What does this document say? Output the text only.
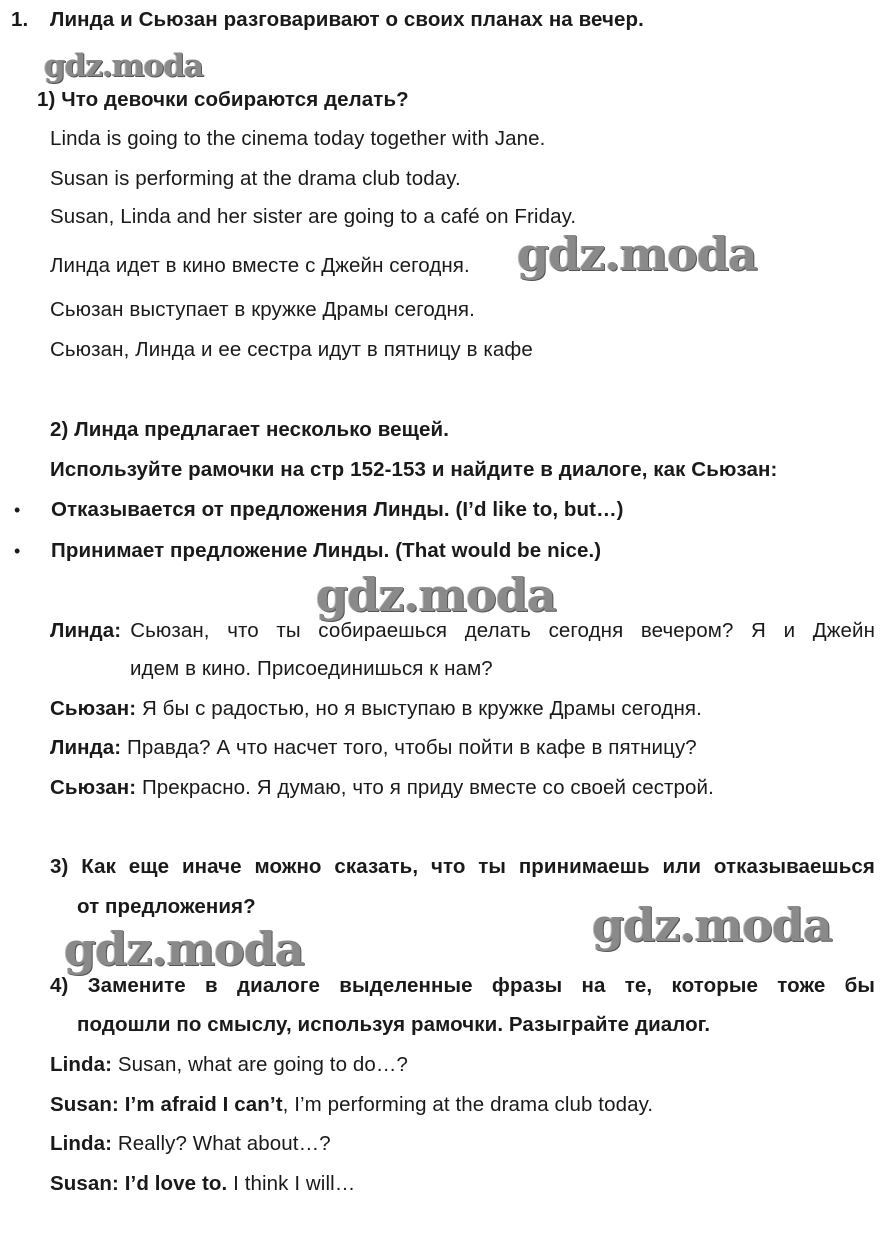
1. Линда и Сьюзан разговаривают о своих планах на вечер.
gdz.moda
1) Что девочки собираются делать?
Linda is going to the cinema today together with Jane.
Susan is performing at the drama club today.
Susan, Linda and her sister are going to a café on Friday.
Линда идет в кино вместе с Джейн сегодня. gdz.moda
Сьюзан выступает в кружке Драмы сегодня.
Сьюзан, Линда и ее сестра идут в пятницу в кафе
2) Линда предлагает несколько вещей.
Используйте рамочки на стр 152-153 и найдите в диалоге, как Сьюзан:
• Отказывается от предложения Линды. (I’d like to, but…)
• Принимает предложение Линды. (That would be nice.)
gdz.moda
Линда: Сьюзан, что ты собираешься делать сегодня вечером? Я и Джейн
идем в кино. Присоединишься к нам?
Сьюзан: Я бы с радостью, но я выступаю в кружке Драмы сегодня.
Линда: Правда? А что насчет того, чтобы пойти в кафе в пятницу?
Сьюзан: Прекрасно. Я думаю, что я приду вместе со своей сестрой.
3) Как еще иначе можно сказать, что ты принимаешь или отказываешься
от предложения?	gdz.moda
gdz.moda
4) Замените в диалоге выделенные фразы на те, которые тоже бы
подошли по смыслу, используя рамочки. Разыграйте диалог.
Linda: Susan, what are going to do…?
Susan: I’m afraid I can’t, I’m performing at the drama club today.
Linda: Really? What about…?
Susan: I’d love to. I think I will…
